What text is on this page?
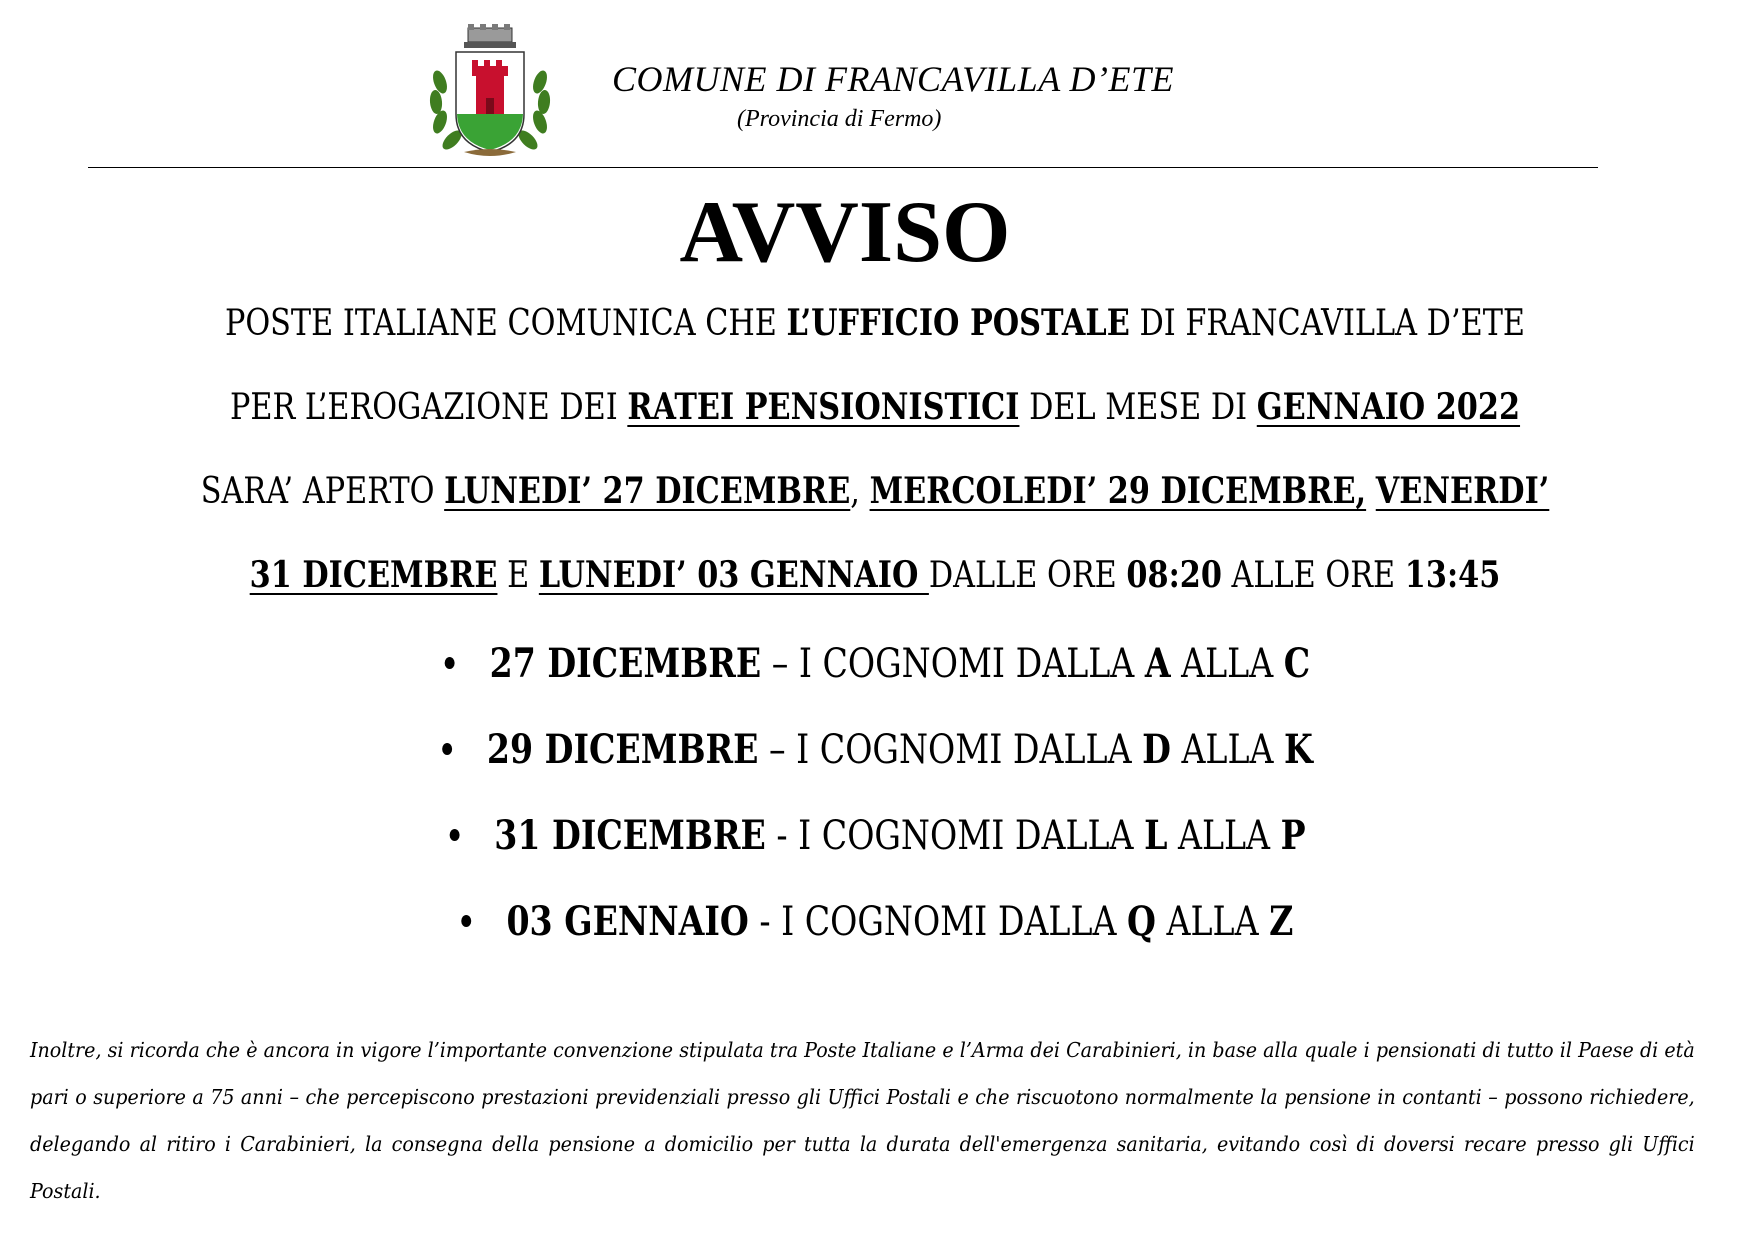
COMUNE DI FRANCAVILLA D’ETE
(Provincia di Fermo)
AVVISO
POSTE ITALIANE COMUNICA CHE L’UFFICIO POSTALE DI FRANCAVILLA D’ETE
PER L’EROGAZIONE DEI RATEI PENSIONISTICI DEL MESE DI GENNAIO 2022
SARA’ APERTO LUNEDI’ 27 DICEMBRE, MERCOLEDI’ 29 DICEMBRE, VENERDI’
31 DICEMBRE E LUNEDI’ 03 GENNAIO DALLE ORE 08:20 ALLE ORE 13:45
27 DICEMBRE – I COGNOMI DALLA A ALLA C
29 DICEMBRE – I COGNOMI DALLA D ALLA K
31 DICEMBRE - I COGNOMI DALLA L ALLA P
03 GENNAIO - I COGNOMI DALLA Q ALLA Z
Inoltre, si ricorda che è ancora in vigore l’importante convenzione stipulata tra Poste Italiane e l’Arma dei Carabinieri, in base alla quale i pensionati di tutto il Paese di età pari o superiore a 75 anni – che percepiscono prestazioni previdenziali presso gli Uffici Postali e che riscuotono normalmente la pensione in contanti – possono richiedere, delegando al ritiro i Carabinieri, la consegna della pensione a domicilio per tutta la durata dell'emergenza sanitaria, evitando così di doversi recare presso gli Uffici Postali.
